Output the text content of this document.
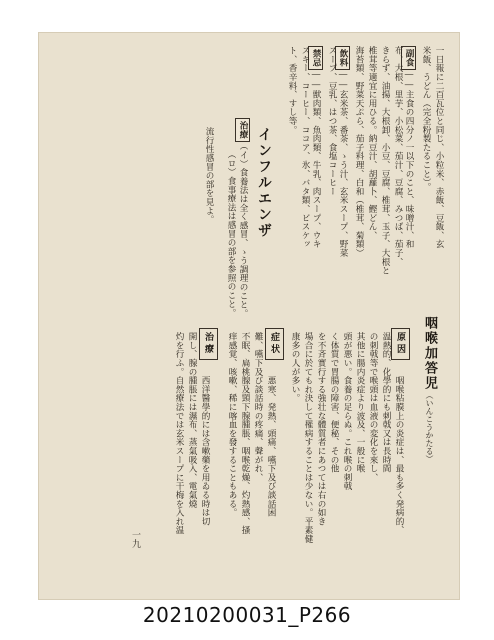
一日報に二百瓦位と同じ、小粒米、赤飯、豆飯、玄
米飯、うどん（完全粉製たること）。
副食――主食の四分ノ一以下のこと、味噌汁、和
布、大根、里芋、小松菜、茄汁、豆腐、みつば、茄子、
きらず、油揚、大根卸、小豆、豆腐、椎茸、玉子、大根と
椎茸等適宜に用ひる。納豆汁、胡蘿卜、鰹どん、
海苔類、野菜天ぷら、茄子料理、白和（椎茸、菊類）
飲料――玄米茶、番茶、ゝう汁、玄米スープ、野菜
スープ、豆乳、はつ茶、食塩コーヒー
禁忌――獣肉類、魚肉類、牛乳、肉スープ、ウキ
スキー、コーヒー、ココア、氷、バタ類、ビスケッ
ト、香辛料、すし等。
インフルエンザ
治療（イ）食養法は全く感冒、ゝう調理のこと。
（ロ）食事療法は感冒の部を参照のこと。
流行性感冒の部を見よ。
咽喉加答児（いんこうかたる）
原因
咽喉粘膜上の炎症は、最も多く発病的、
温熱的、化學的にも刺戟又は長時間
の刺戟等で喉頭は血液の変化を來し、
其他に腸内炎症より波及、一般に喉
頭が悪い。食養の足らぬ。これ喉の刺戟
く体質で胃腸の障害、便秘、その他
を不斉實行する強壮な體質者にあつては右の如き
場合に於てもれ決して罹病することは少ない。平素健
康多の人が多い。
症状
悪寒、発熱、頭痛、嚥下及び談話困
難、嚥下及び談話時の疼痛、聲がれ、
不眠、扁桃腺及頸下腺腫脹、咽喉乾燥、灼熱感、搔
痒感覚、咳嗽、稀に喀血を發することもある。
治療
西洋醫學的には含嗽藥を用ゐる時は切
開し、腺の腫脹には濕布、蒸氣吸入、電氣燒
灼を行ふ。自然療法では玄米スープに干梅を入れ温
一九
20210200031_P266
